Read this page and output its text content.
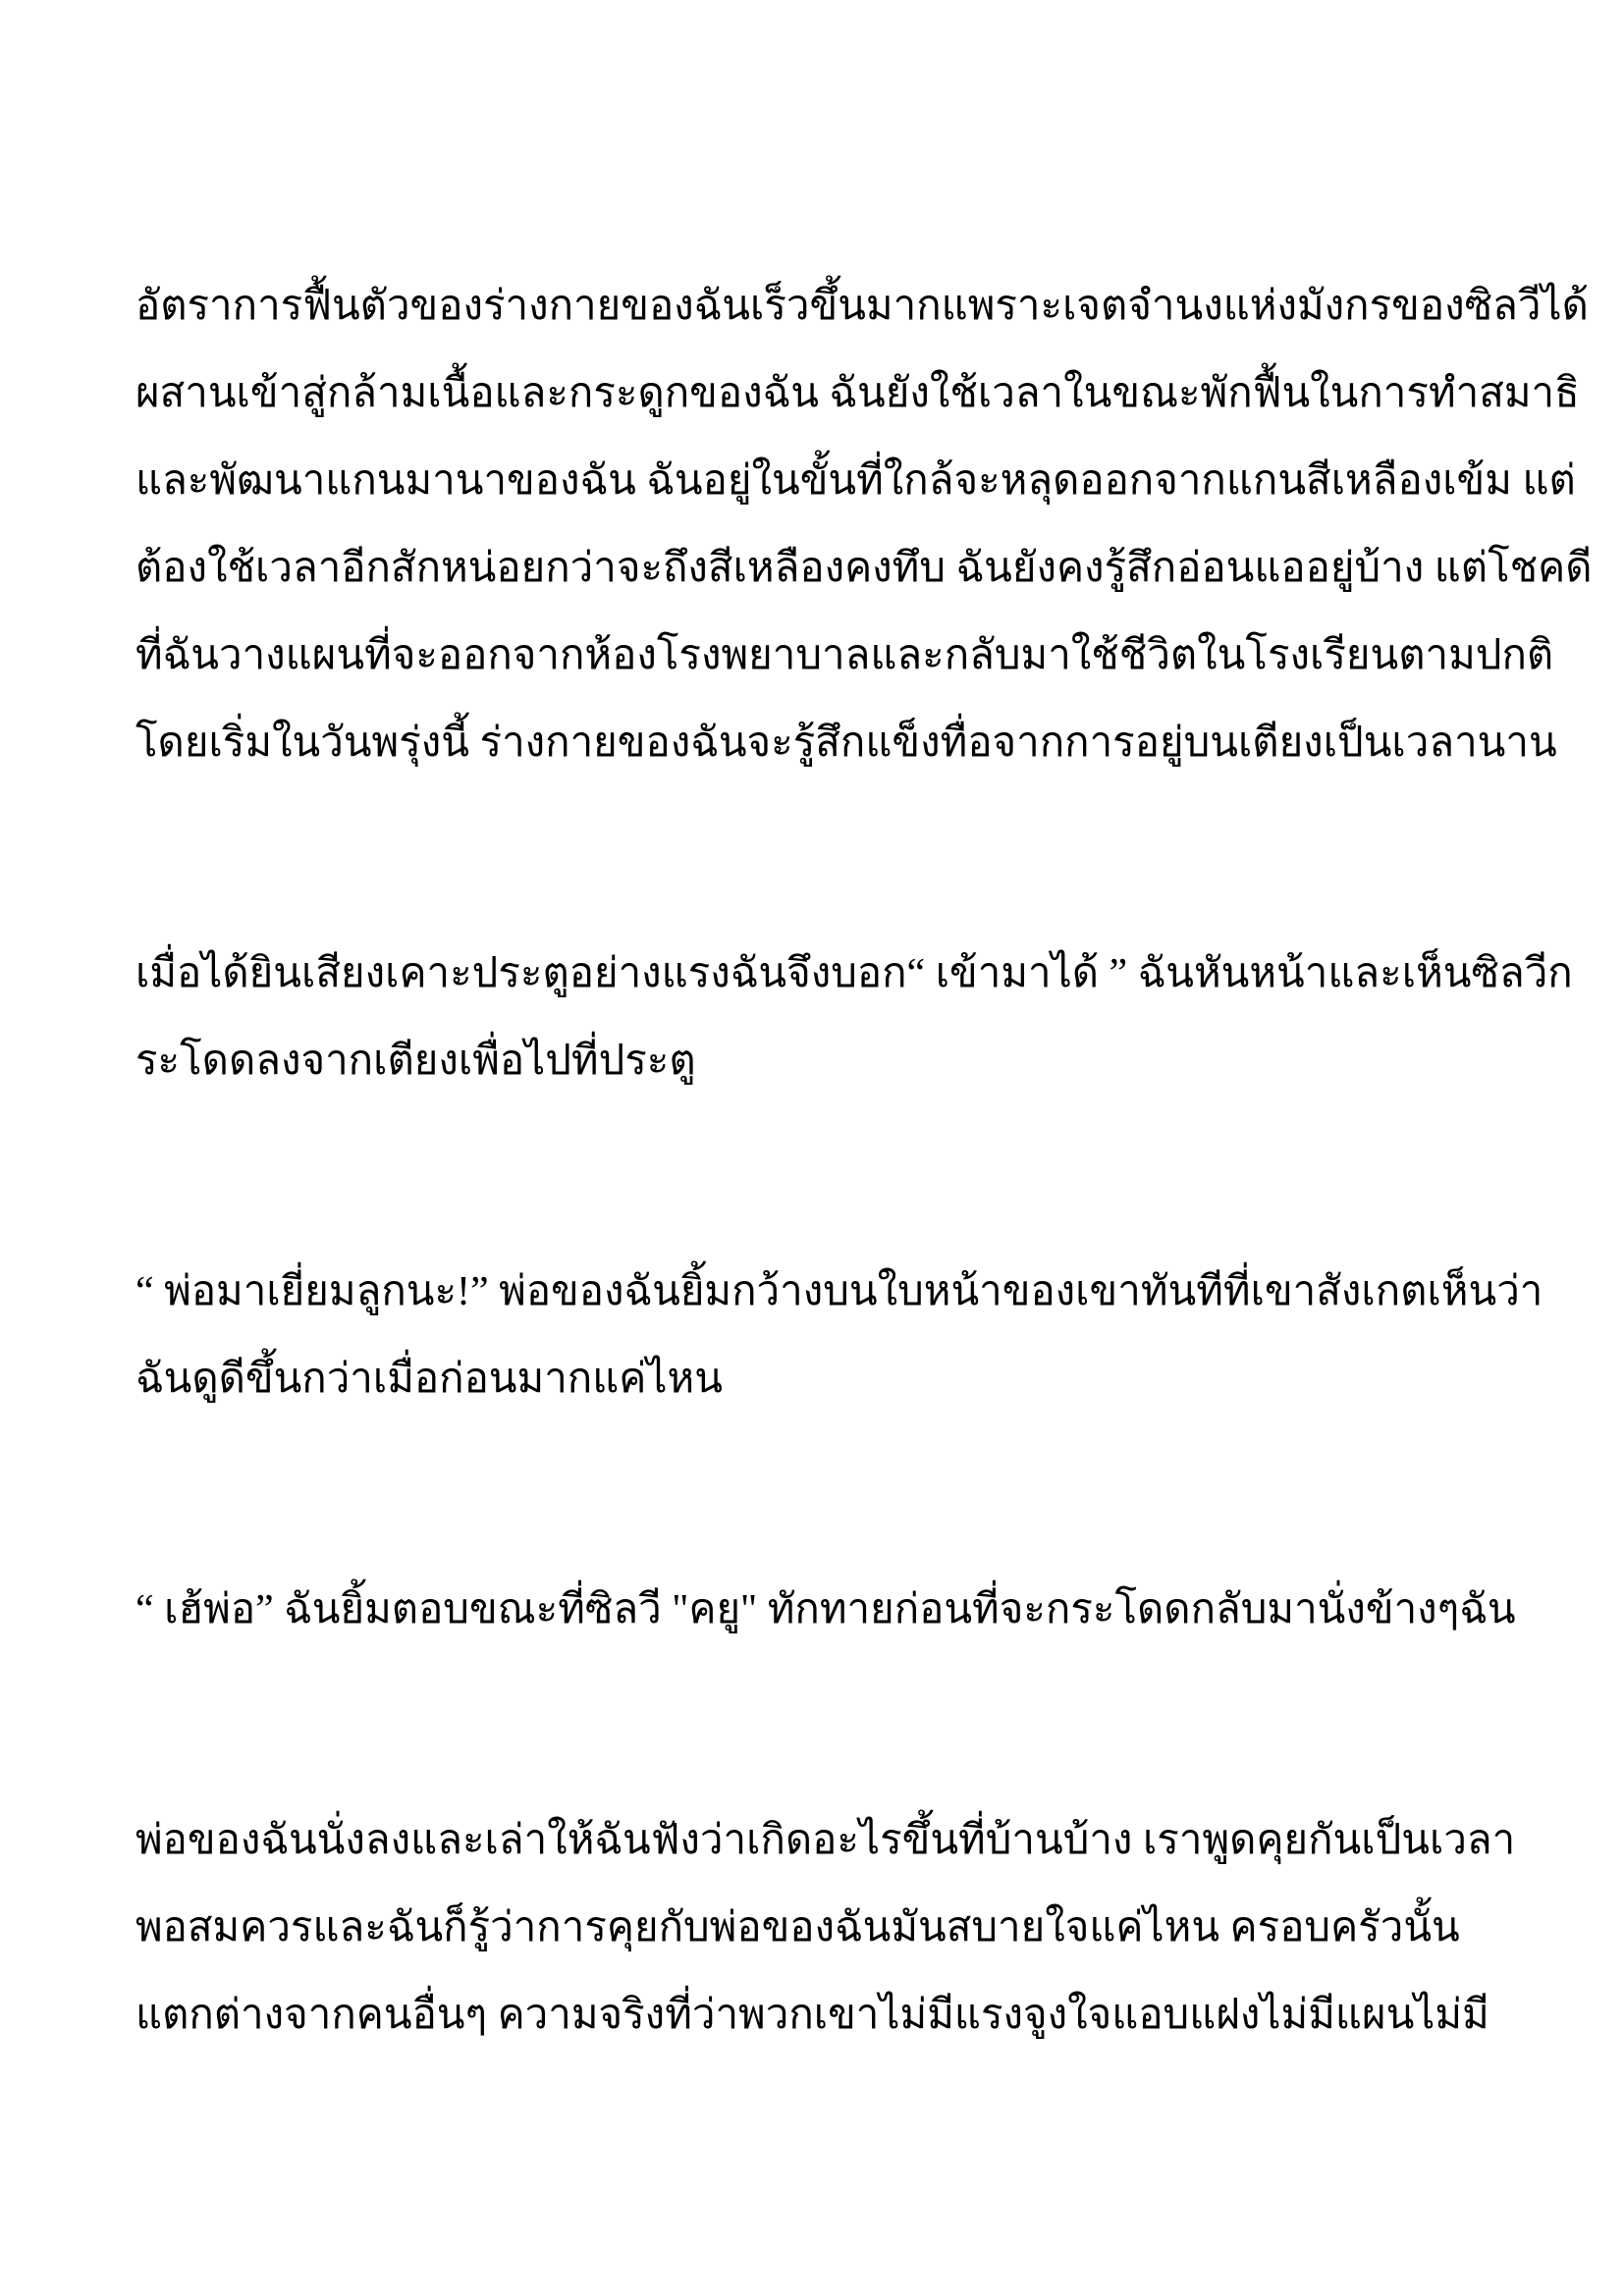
อัตราการฟื้นตัวของร่างกายของฉันเร็วขึ้นมากแพราะเจตจำนงแห่งมังกรของซิลวีได้
ผสานเข้าสู่กล้ามเนื้อและกระดูกของฉัน ฉันยังใช้เวลาในขณะพักฟื้นในการทำสมาธิ
และพัฒนาแกนมานาของฉัน ฉันอยู่ในขั้นที่ใกล้จะหลุดออกจากแกนสีเหลืองเข้ม แต่
ต้องใช้เวลาอีกสักหน่อยกว่าจะถึงสีเหลืองคงทึบ ฉันยังคงรู้สึกอ่อนแออยู่บ้าง แต่โชคดี
ที่ฉันวางแผนที่จะออกจากห้องโรงพยาบาลและกลับมาใช้ชีวิตในโรงเรียนตามปกติ
โดยเริ่มในวันพรุ่งนี้ ร่างกายของฉันจะรู้สึกแข็งทื่อจากการอยู่บนเตียงเป็นเวลานาน
เมื่อได้ยินเสียงเคาะประตูอย่างแรงฉันจึงบอก“ เข้ามาได้ ” ฉันหันหน้าและเห็นซิลวีก
ระโดดลงจากเตียงเพื่อไปที่ประตู
“ พ่อมาเยี่ยมลูกนะ!” พ่อของฉันยิ้มกว้างบนใบหน้าของเขาทันทีที่เขาสังเกตเห็นว่า
ฉันดูดีขึ้นกว่าเมื่อก่อนมากแค่ไหน
“ เฮ้พ่อ” ฉันยิ้มตอบขณะที่ซิลวี "คยู" ทักทายก่อนที่จะกระโดดกลับมานั่งข้างๆฉัน
พ่อของฉันนั่งลงและเล่าให้ฉันฟังว่าเกิดอะไรขึ้นที่บ้านบ้าง เราพูดคุยกันเป็นเวลา
พอสมควรและฉันก็รู้ว่าการคุยกับพ่อของฉันมันสบายใจแค่ไหน ครอบครัวนั้น
แตกต่างจากคนอื่นๆ ความจริงที่ว่าพวกเขาไม่มีแรงจูงใจแอบแฝงไม่มีแผนไม่มี
